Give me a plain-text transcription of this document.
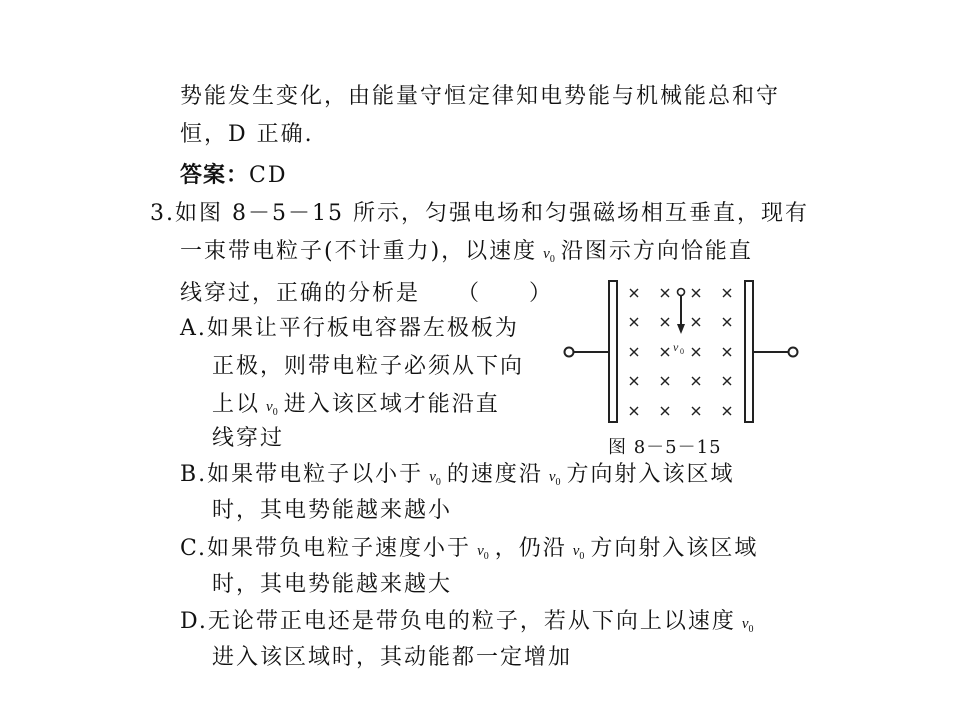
势能发生变化，由能量守恒定律知电势能与机械能总和守
恒，D 正确.
答案：CD
3.如图 8－5－15 所示，匀强电场和匀强磁场相互垂直，现有
一束带电粒子(不计重力)，以速度 $v_0$ 沿图示方向恰能直
线穿过，正确的分析是　　（　　）
A.如果让平行板电容器左极板为
正极，则带电粒子必须从下向
上以 $v_0$ 进入该区域才能沿直
线穿过
B.如果带电粒子以小于 $v_0$ 的速度沿 $v_0$ 方向射入该区域
时，其电势能越来越小
C.如果带负电粒子速度小于 $v_0$ ，仍沿 $v_0$ 方向射入该区域
时，其电势能越来越大
D.无论带正电还是带负电的粒子，若从下向上以速度 $v_0$
进入该区域时，其动能都一定增加
v 0
图 8－5－15
